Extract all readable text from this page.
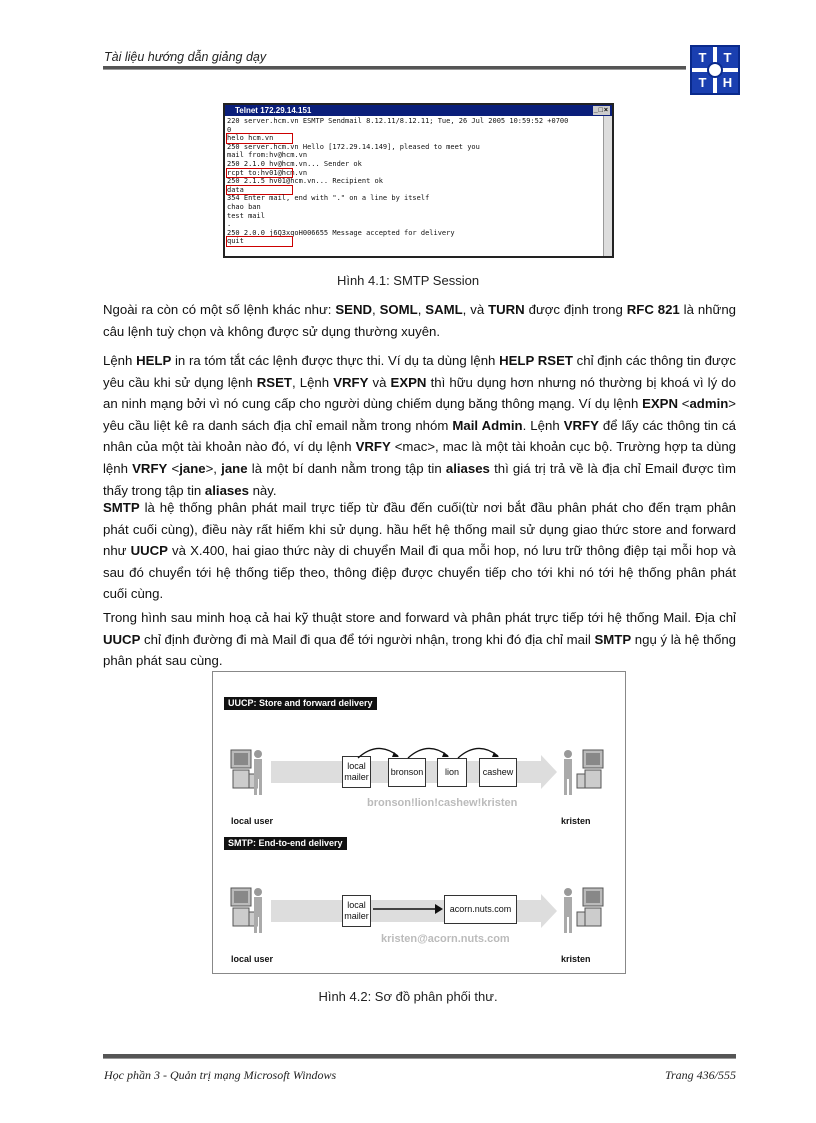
Tài liệu hướng dẫn giảng dạy	T	T
T	H
Telnet 172.29.14.151	_□×
220 server.hcm.vn ESMTP Sendmail 8.12.11/8.12.11; Tue, 26 Jul 2005 10:59:52 +0700
0
helo hcm.vn
250 server.hcm.vn Hello [172.29.14.149], pleased to meet you
mail from:hv@hcm.vn
250 2.1.0 hv@hcm.vn... Sender ok
rcpt to:hv01@hcm.vn
250 2.1.5 hv01@hcm.vn... Recipient ok
data
354 Enter mail, end with "." on a line by itself
chao ban
test mail
.
250 2.0.0 j6Q3xqoH006655 Message accepted for delivery
quit
Hình 4.1: SMTP Session
Ngoài ra còn có một số lệnh khác như: SEND, SOML, SAML, và TURN được định trong RFC 821 là những câu lệnh tuỳ chọn và không được sử dụng thường xuyên.
Lệnh HELP in ra tóm tắt các lệnh được thực thi. Ví dụ ta dùng lệnh HELP RSET chỉ định các thông tin được yêu cầu khi sử dụng lệnh RSET, Lệnh VRFY và EXPN thì hữu dụng hơn nhưng nó thường bị khoá vì lý do an ninh mạng bởi vì nó cung cấp cho người dùng chiếm dụng băng thông mạng. Ví dụ lệnh EXPN <admin> yêu cầu liệt kê ra danh sách địa chỉ email nằm trong nhóm Mail Admin. Lệnh VRFY để lấy các thông tin cá nhân của một tài khoản nào đó, ví dụ lệnh VRFY <mac>, mac là một tài khoản cục bộ. Trường hợp ta dùng lệnh VRFY <jane>, jane là một bí danh nằm trong tập tin aliases thì giá trị trả về là địa chỉ Email được tìm thấy trong tập tin aliases này.
SMTP là hệ thống phân phát mail trực tiếp từ đầu đến cuối(từ nơi bắt đầu phân phát cho đến trạm phân phát cuối cùng), điều này rất hiếm khi sử dụng. hầu hết hệ thống mail sử dụng giao thức store and forward như UUCP và X.400, hai giao thức này di chuyển Mail đi qua mỗi hop, nó lưu trữ thông điệp tại mỗi hop và sau đó chuyển tới hệ thống tiếp theo, thông điệp được chuyển tiếp cho tới khi nó tới hệ thống phân phát cuối cùng.
Trong hình sau minh hoạ cả hai kỹ thuật store and forward và phân phát trực tiếp tới hệ thống Mail. Địa chỉ UUCP chỉ định đường đi mà Mail đi qua để tới người nhận, trong khi đó địa chỉ mail SMTP ngụ ý là hệ thống phân phát sau cùng.
UUCP: Store and forward delivery
local mailer	bronson	lion	cashew
bronson!lion!cashew!kristen
local user	kristen
SMTP: End-to-end delivery
local mailer
acorn.nuts.com
kristen@acorn.nuts.com
local user	kristen
Hình 4.2: Sơ đồ phân phối thư.
Học phần 3 - Quản trị mạng Microsoft Windows	Trang 436/555
